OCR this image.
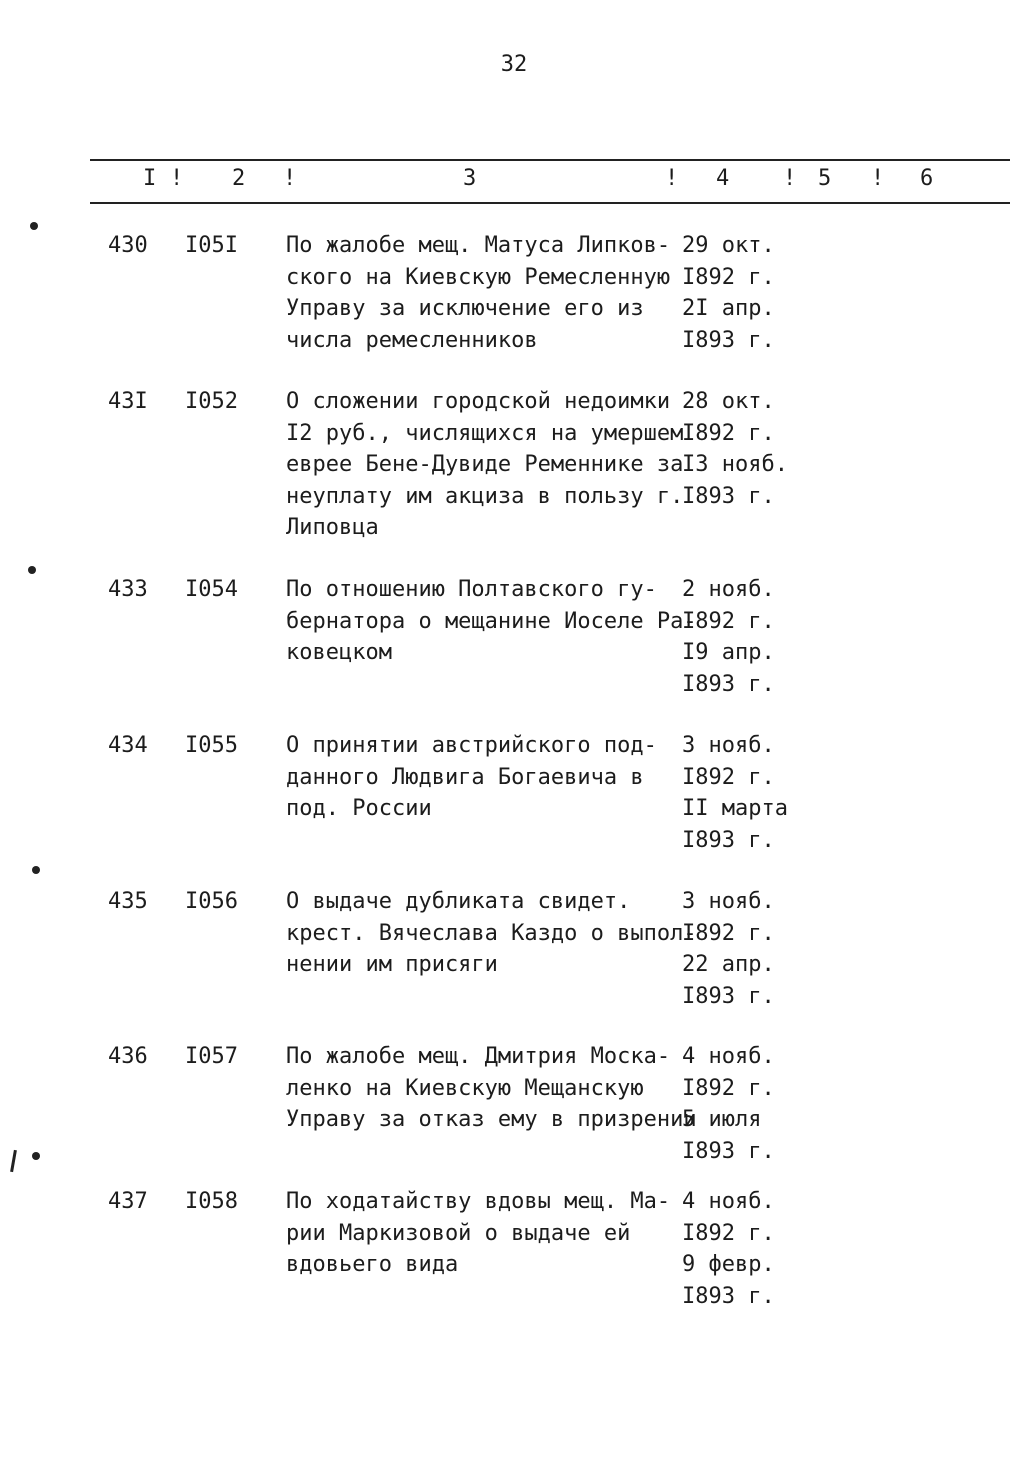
32
I ! 2 !	3	! 4 ! 5 ! 6
430 I05I По жалобе мещ. Матуса Липков-
ского на Киевскую Ремесленную
Управу за исключение его из
числа ремесленников
29 окт.
I892 г.
2I апр.
I893 г.
43I I052 О сложении городской недоимки
I2 руб., числящихся на умершем
еврее Бене-Дувиде Ременнике за
неуплату им акциза в пользу г.
Липовца
28 окт.
I892 г.
I3 нояб.
I893 г.
433 I054 По отношению Полтавского гу-
бернатора о мещанине Иоселе Ра-
ковецком
2 нояб.
I892 г.
I9 апр.
I893 г.
434 I055 О принятии австрийского под-
данного Людвига Богаевича в
под. России
3 нояб.
I892 г.
II марта
I893 г.
435 I056 О выдаче дубликата свидет.
крест. Вячеслава Каздо о выпол-
нении им присяги
3 нояб.
I892 г.
22 апр.
I893 г.
436 I057 По жалобе мещ. Дмитрия Моска-
ленко на Киевскую Мещанскую
Управу за отказ ему в призрении

4 нояб.
I892 г.
5 июля
I893 г.
437 I058 По ходатайству вдовы мещ. Ма-
рии Маркизовой о выдаче ей
вдовьего вида
4 нояб.
I892 г.
9 февр.
I893 г.
